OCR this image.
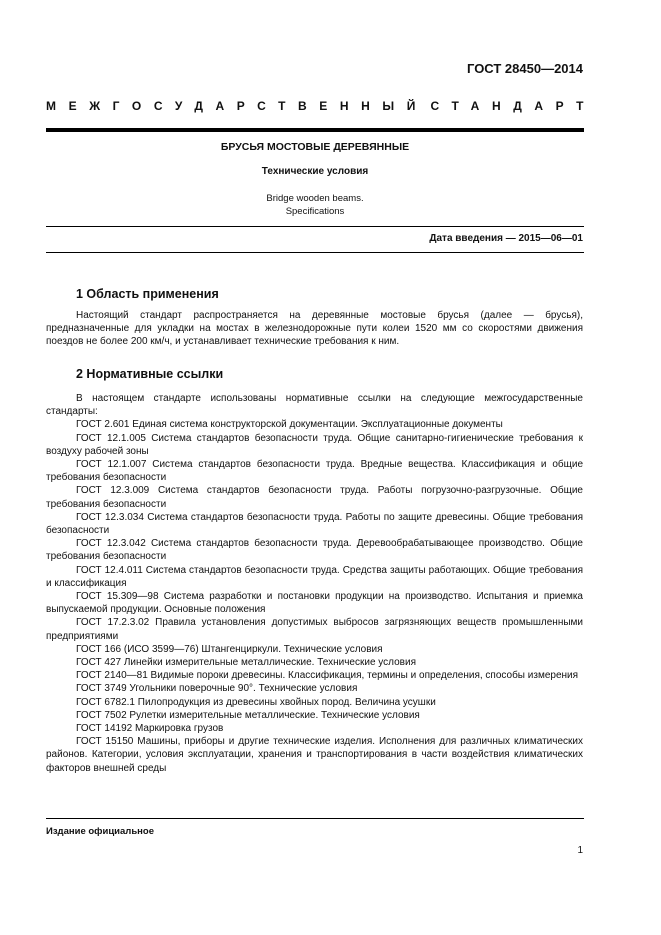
ГОСТ 28450—2014
МЕЖГОСУДАРСТВЕННЫЙ СТАНДАРТ
БРУСЬЯ МОСТОВЫЕ ДЕРЕВЯННЫЕ
Технические условия
Bridge wooden beams.
Specifications
Дата введения — 2015—06—01
1 Область применения

Настоящий стандарт распространяется на деревянные мостовые брусья (далее — брусья), предназначенные для укладки на мостах в железнодорожные пути колеи 1520 мм со скоростями движения поездов не более 200 км/ч, и устанавливает технические требования к ним.

2 Нормативные ссылки

В настоящем стандарте использованы нормативные ссылки на следующие межгосударственные стандарты:

ГОСТ 2.601 Единая система конструкторской документации. Эксплуатационные документы

ГОСТ 12.1.005 Система стандартов безопасности труда. Общие санитарно-гигиенические требования к воздуху рабочей зоны

ГОСТ 12.1.007 Система стандартов безопасности труда. Вредные вещества. Классификация и общие требования безопасности

ГОСТ 12.3.009 Система стандартов безопасности труда. Работы погрузочно-разгрузочные. Общие требования безопасности

ГОСТ 12.3.034 Система стандартов безопасности труда. Работы по защите древесины. Общие требования безопасности

ГОСТ 12.3.042 Система стандартов безопасности труда. Деревообрабатывающее производство. Общие требования безопасности

ГОСТ 12.4.011 Система стандартов безопасности труда. Средства защиты работающих. Общие требования и классификация

ГОСТ 15.309—98 Система разработки и постановки продукции на производство. Испытания и приемка выпускаемой продукции. Основные положения

ГОСТ 17.2.3.02 Правила установления допустимых выбросов загрязняющих веществ промышленными предприятиями

ГОСТ 166 (ИСО 3599—76) Штангенциркули. Технические условия

ГОСТ 427 Линейки измерительные металлические. Технические условия

ГОСТ 2140—81 Видимые пороки древесины. Классификация, термины и определения, способы измерения

ГОСТ 3749 Угольники поверочные 90°. Технические условия

ГОСТ 6782.1 Пилопродукция из древесины хвойных пород. Величина усушки

ГОСТ 7502 Рулетки измерительные металлические. Технические условия

ГОСТ 14192 Маркировка грузов

ГОСТ 15150 Машины, приборы и другие технические изделия. Исполнения для различных климатических районов. Категории, условия эксплуатации, хранения и транспортирования в части воздействия климатических факторов внешней среды

Издание официальное
1
